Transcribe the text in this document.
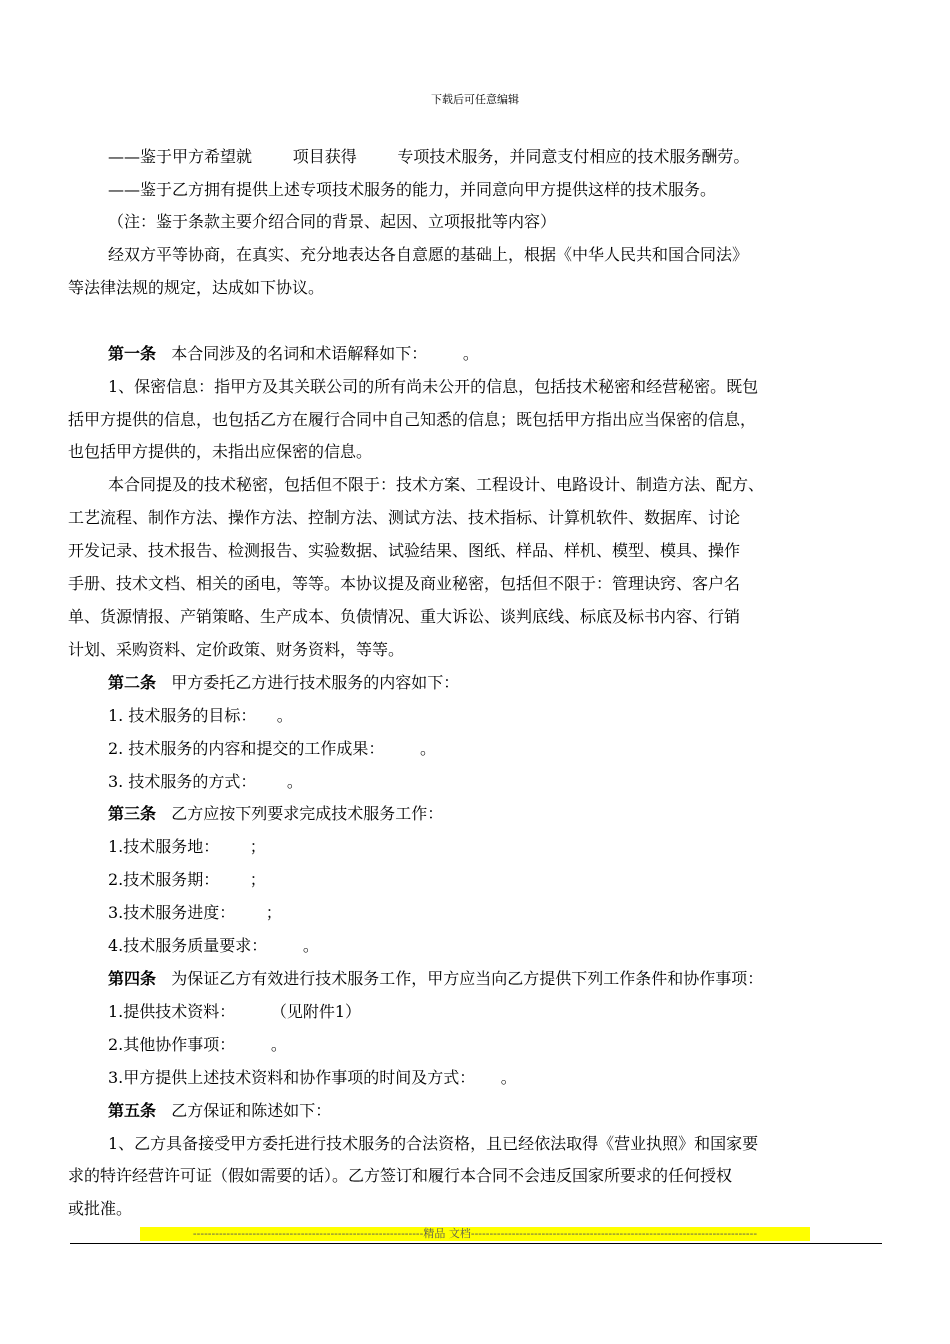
下载后可任意编辑
——鉴于甲方希望就        项目获得        专项技术服务，并同意支付相应的技术服务酬劳。
——鉴于乙方拥有提供上述专项技术服务的能力，并同意向甲方提供这样的技术服务。
（注：鉴于条款主要介绍合同的背景、起因、立项报批等内容）
经双方平等协商，在真实、充分地表达各自意愿的基础上，根据《中华人民共和国合同法》
等法律法规的规定，达成如下协议。
第一条 本合同涉及的名词和术语解释如下：       。
1、保密信息：指甲方及其关联公司的所有尚未公开的信息，包括技术秘密和经营秘密。既包
括甲方提供的信息，也包括乙方在履行合同中自己知悉的信息；既包括甲方指出应当保密的信息，
也包括甲方提供的，未指出应保密的信息。
本合同提及的技术秘密，包括但不限于：技术方案、工程设计、电路设计、制造方法、配方、
工艺流程、制作方法、操作方法、控制方法、测试方法、技术指标、计算机软件、数据库、讨论
开发记录、技术报告、检测报告、实验数据、试验结果、图纸、样品、样机、模型、模具、操作
手册、技术文档、相关的函电，等等。本协议提及商业秘密，包括但不限于：管理诀窍、客户名
单、货源情报、产销策略、生产成本、负债情况、重大诉讼、谈判底线、标底及标书内容、行销
计划、采购资料、定价政策、财务资料，等等。
第二条 甲方委托乙方进行技术服务的内容如下：
1. 技术服务的目标：    。
2. 技术服务的内容和提交的工作成果：       。
3. 技术服务的方式：      。
第三条 乙方应按下列要求完成技术服务工作：
1.技术服务地：      ；
2.技术服务期：      ；
3.技术服务进度：      ；
4.技术服务质量要求：       。
第四条 为保证乙方有效进行技术服务工作，甲方应当向乙方提供下列工作条件和协作事项：
1.提供技术资料：       （见附件1）
2.其他协作事项：       。
3.甲方提供上述技术资料和协作事项的时间及方式：     。
第五条 乙方保证和陈述如下：
1、乙方具备接受甲方委托进行技术服务的合法资格，且已经依法取得《营业执照》和国家要
求的特许经营许可证（假如需要的话）。乙方签订和履行本合同不会违反国家所要求的任何授权
或批准。
--------------------------------------------------------------精品 文档-----------------------------------------------------------------------------
